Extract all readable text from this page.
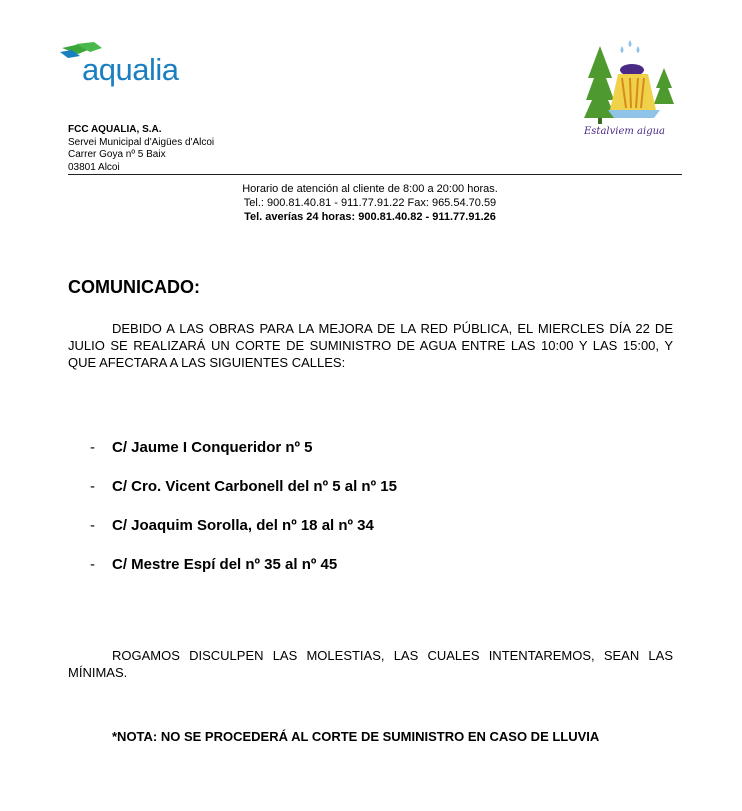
aqualia
Estalviem aigua
FCC AQUALIA, S.A.
Servei Municipal d'Aigües d'Alcoi
Carrer Goya nº 5 Baix
03801 Alcoi
Horario de atención al cliente de 8:00 a 20:00 horas.
Tel.: 900.81.40.81 - 911.77.91.22 Fax: 965.54.70.59
Tel. averías 24 horas: 900.81.40.82 - 911.77.91.26
COMUNICADO:
DEBIDO A LAS OBRAS PARA LA MEJORA DE LA RED PÚBLICA, EL MIERCLES DÍA 22 DE JULIO SE REALIZARÁ UN CORTE DE SUMINISTRO DE AGUA ENTRE LAS 10:00 Y LAS 15:00, Y QUE AFECTARA A LAS SIGUIENTES CALLES:
- C/ Jaume I Conqueridor nº 5
- C/ Cro. Vicent Carbonell del nº 5 al nº 15
- C/ Joaquim Sorolla, del nº 18 al nº 34
- C/ Mestre Espí del nº 35 al nº 45
ROGAMOS DISCULPEN LAS MOLESTIAS, LAS CUALES INTENTAREMOS, SEAN LAS MÍNIMAS.
*NOTA: NO SE PROCEDERÁ AL CORTE DE SUMINISTRO EN CASO DE LLUVIA
